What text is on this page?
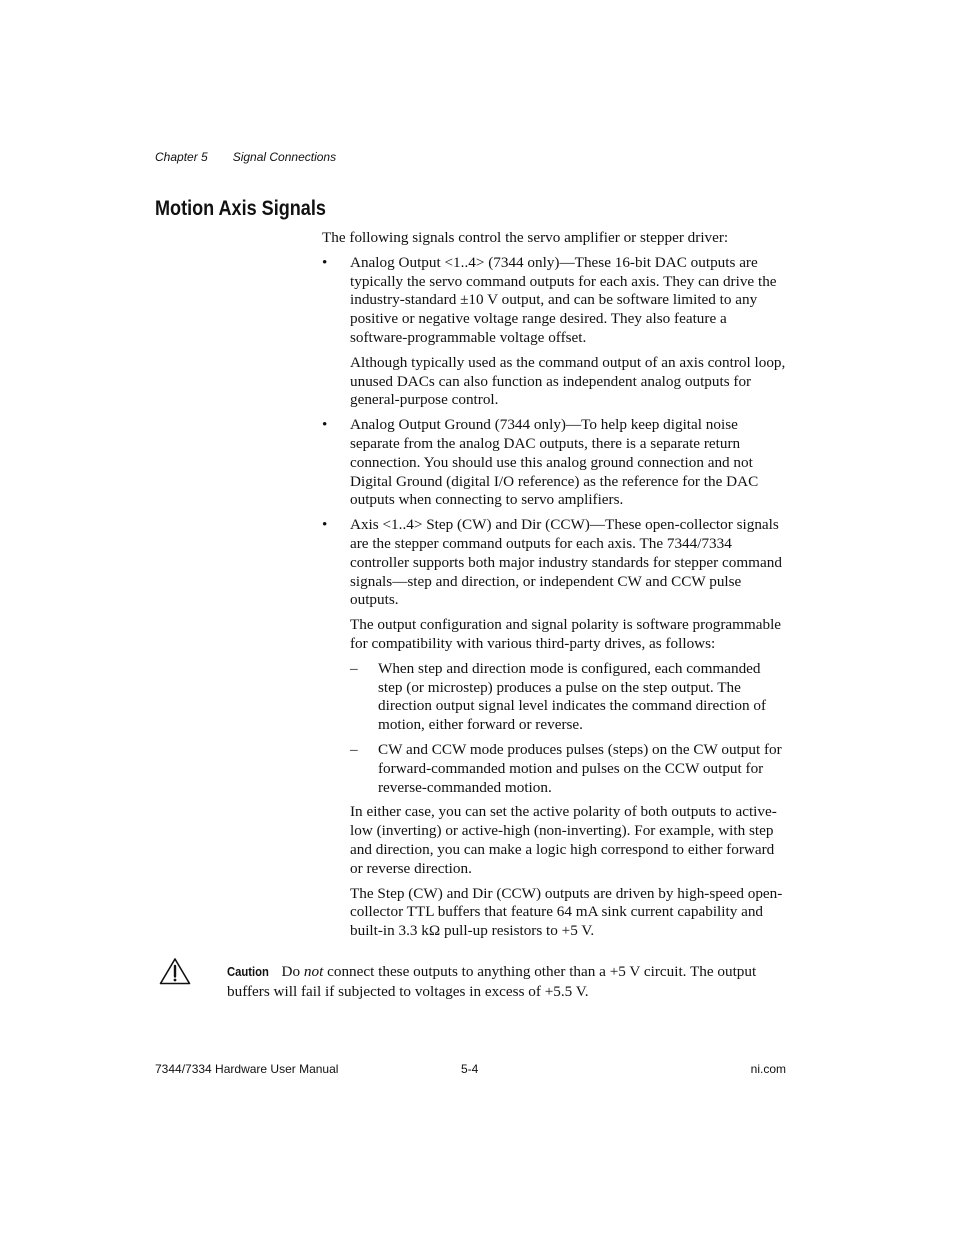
Chapter 5 Signal Connections
Motion Axis Signals

The following signals control the servo amplifier or stepper driver:

• Analog Output <1..4> (7344 only)—These 16-bit DAC outputs are typically the servo command outputs for each axis. They can drive the industry-standard ±10 V output, and can be software limited to any positive or negative voltage range desired. They also feature a software-programmable voltage offset.

Although typically used as the command output of an axis control loop, unused DACs can also function as independent analog outputs for general-purpose control.

• Analog Output Ground (7344 only)—To help keep digital noise separate from the analog DAC outputs, there is a separate return connection. You should use this analog ground connection and not Digital Ground (digital I/O reference) as the reference for the DAC outputs when connecting to servo amplifiers.

• Axis <1..4> Step (CW) and Dir (CCW)—These open-collector signals are the stepper command outputs for each axis. The 7344/7334 controller supports both major industry standards for stepper command signals—step and direction, or independent CW and CCW pulse outputs.

The output configuration and signal polarity is software programmable for compatibility with various third-party drives, as follows:

– When step and direction mode is configured, each commanded step (or microstep) produces a pulse on the step output. The direction output signal level indicates the command direction of motion, either forward or reverse.

– CW and CCW mode produces pulses (steps) on the CW output for forward-commanded motion and pulses on the CCW output for reverse-commanded motion.

In either case, you can set the active polarity of both outputs to active-low (inverting) or active-high (non-inverting). For example, with step and direction, you can make a logic high correspond to either forward or reverse direction.

The Step (CW) and Dir (CCW) outputs are driven by high-speed open-collector TTL buffers that feature 64 mA sink current capability and built-in 3.3 kΩ pull-up resistors to +5 V.

Caution Do not connect these outputs to anything other than a +5 V circuit. The output buffers will fail if subjected to voltages in excess of +5.5 V.
7344/7334 Hardware User Manual	5-4	ni.com
